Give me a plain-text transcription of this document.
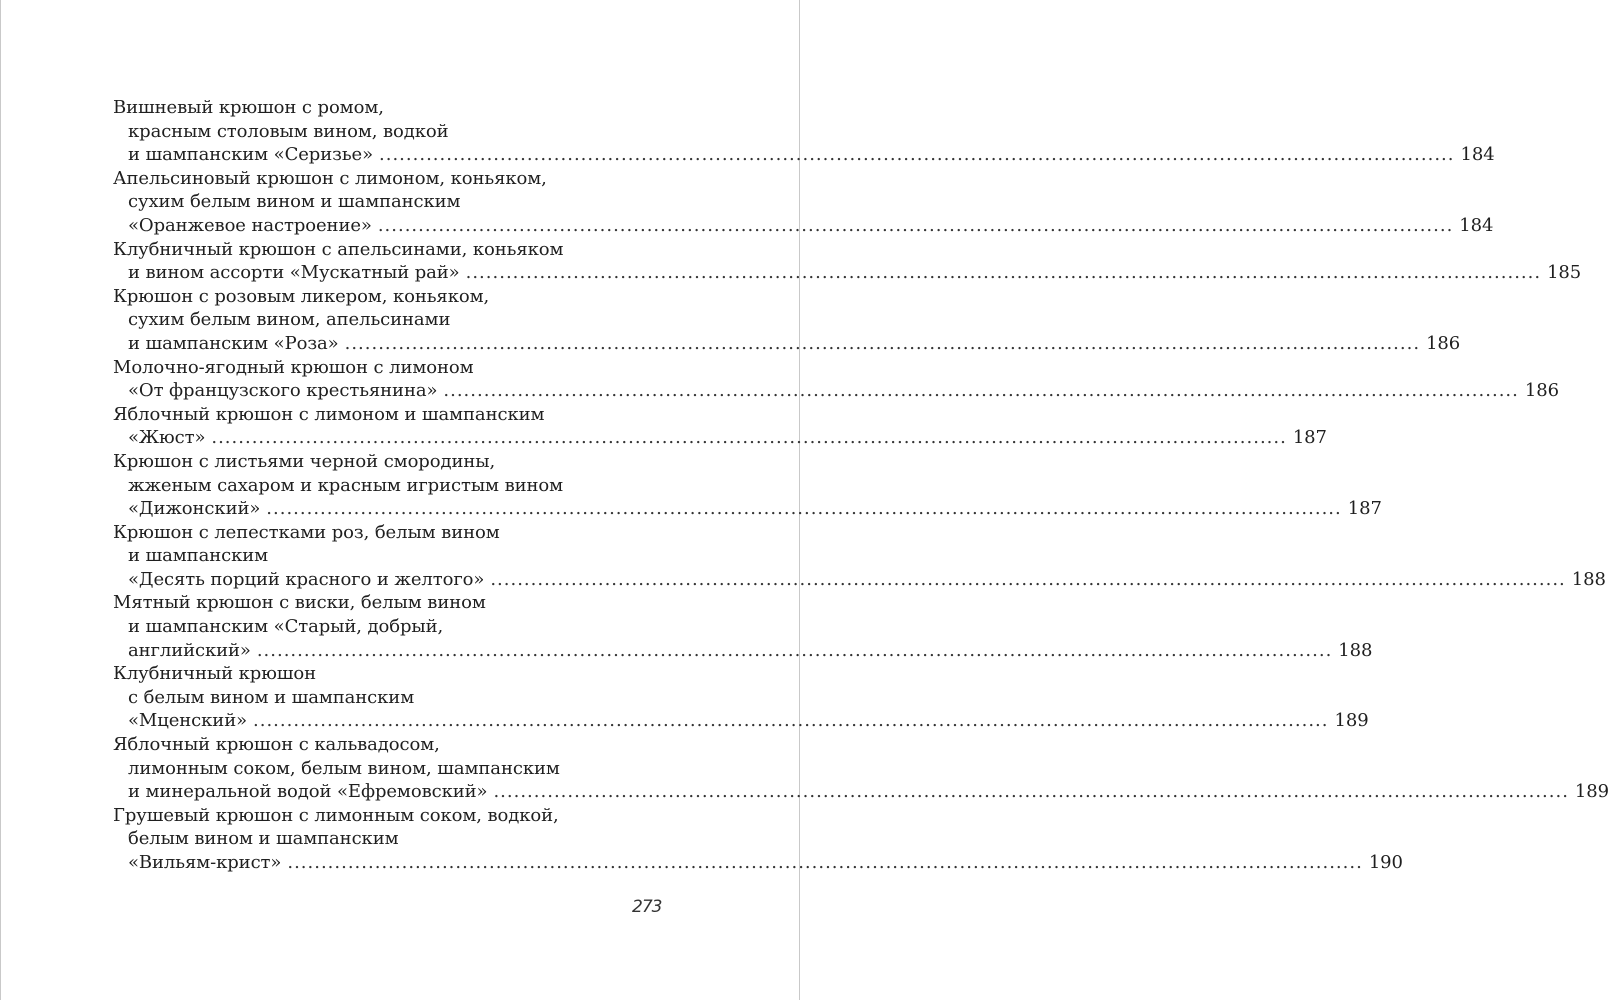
Вишневый крюшон с ромом,
красным столовым вином, водкой
и шампанским «Серизье» ................................................................................................................................................................ 184
Апельсиновый крюшон с лимоном, коньяком,
сухим белым вином и шампанским
«Оранжевое настроение» ................................................................................................................................................................ 184
Клубничный крюшон с апельсинами, коньяком
и вином ассорти «Мускатный рай» ................................................................................................................................................................ 185
Крюшон с розовым ликером, коньяком,
сухим белым вином, апельсинами
и шампанским «Роза» ................................................................................................................................................................ 186
Молочно-ягодный крюшон с лимоном
«От французского крестьянина» ................................................................................................................................................................ 186
Яблочный крюшон с лимоном и шампанским
«Жюст» ................................................................................................................................................................ 187
Крюшон с листьями черной смородины,
жженым сахаром и красным игристым вином
«Дижонский» ................................................................................................................................................................ 187
Крюшон с лепестками роз, белым вином
и шампанским
«Десять порций красного и желтого» ................................................................................................................................................................ 188
Мятный крюшон с виски, белым вином
и шампанским «Старый, добрый,
английский» ................................................................................................................................................................ 188
Клубничный крюшон
с белым вином и шампанским
«Мценский» ................................................................................................................................................................ 189
Яблочный крюшон с кальвадосом,
лимонным соком, белым вином, шампанским
и минеральной водой «Ефремовский» ................................................................................................................................................................ 189
Грушевый крюшон с лимонным соком, водкой,
белым вином и шампанским
«Вильям-крист» ................................................................................................................................................................ 190
273
